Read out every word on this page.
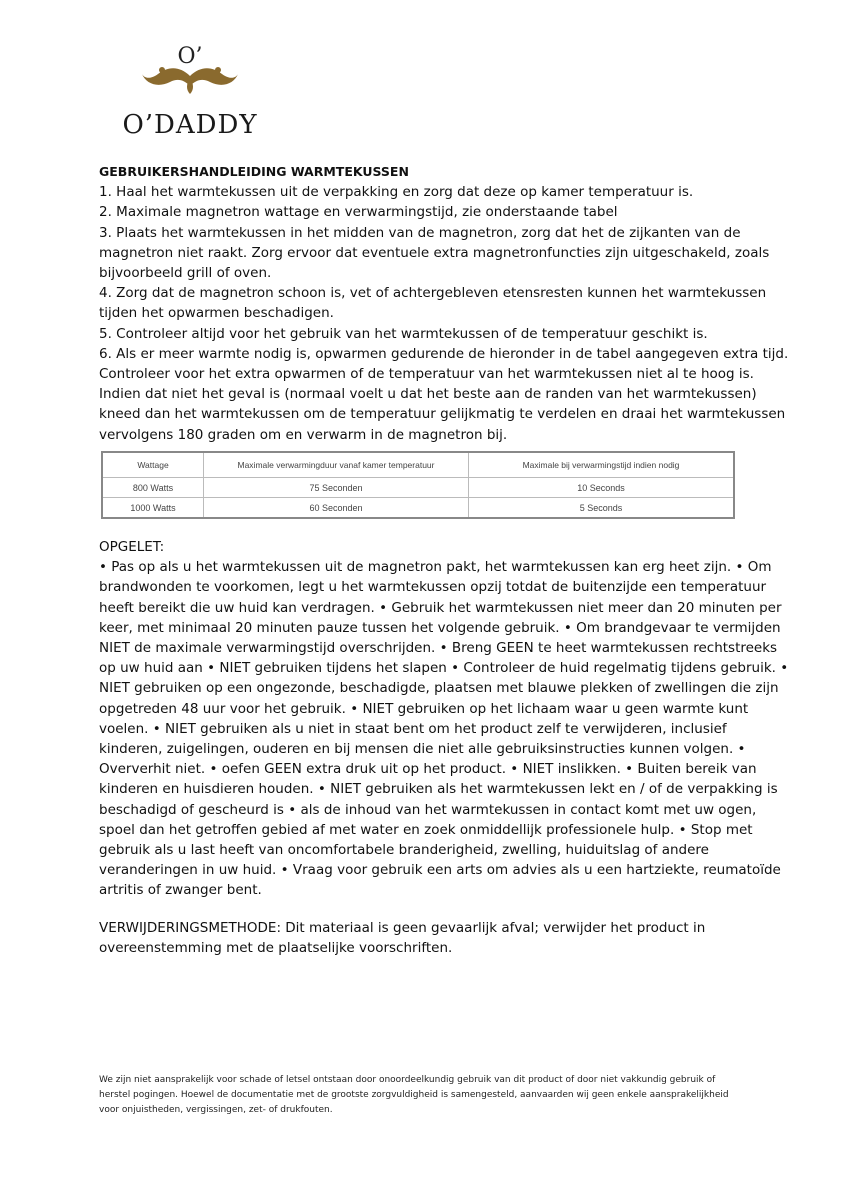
O’
O’DADDY
GEBRUIKERSHANDLEIDING WARMTEKUSSEN
1. Haal het warmtekussen uit de verpakking en zorg dat deze op kamer temperatuur is.
2. Maximale magnetron wattage en verwarmingstijd, zie onderstaande tabel
3. Plaats het warmtekussen in het midden van de magnetron, zorg dat het de zijkanten van de
magnetron niet raakt. Zorg ervoor dat eventuele extra magnetronfuncties zijn uitgeschakeld, zoals
bijvoorbeeld grill of oven.
4. Zorg dat de magnetron schoon is, vet of achtergebleven etensresten kunnen het warmtekussen
tijden het opwarmen beschadigen.
5. Controleer altijd voor het gebruik van het warmtekussen of de temperatuur geschikt is.
6. Als er meer warmte nodig is, opwarmen gedurende de hieronder in de tabel aangegeven extra tijd.
Controleer voor het extra opwarmen of de temperatuur van het warmtekussen niet al te hoog is.
Indien dat niet het geval is (normaal voelt u dat het beste aan de randen van het warmtekussen)
kneed dan het warmtekussen om de temperatuur gelijkmatig te verdelen en draai het warmtekussen
vervolgens 180 graden om en verwarm in de magnetron bij.
Wattage	Maximale verwarmingduur vanaf kamer temperatuur	Maximale bij verwarmingstijd indien nodig
800 Watts	75 Seconden	10 Seconds
1000 Watts	60 Seconden	5 Seconds
OPGELET:
• Pas op als u het warmtekussen uit de magnetron pakt, het warmtekussen kan erg heet zijn. • Om
brandwonden te voorkomen, legt u het warmtekussen opzij totdat de buitenzijde een temperatuur
heeft bereikt die uw huid kan verdragen. • Gebruik het warmtekussen niet meer dan 20 minuten per
keer, met minimaal 20 minuten pauze tussen het volgende gebruik. • Om brandgevaar te vermijden
NIET de maximale verwarmingstijd overschrijden. • Breng GEEN te heet warmtekussen rechtstreeks
op uw huid aan • NIET gebruiken tijdens het slapen • Controleer de huid regelmatig tijdens gebruik. •
NIET gebruiken op een ongezonde, beschadigde, plaatsen met blauwe plekken of zwellingen die zijn
opgetreden 48 uur voor het gebruik. • NIET gebruiken op het lichaam waar u geen warmte kunt
voelen. • NIET gebruiken als u niet in staat bent om het product zelf te verwijderen, inclusief
kinderen, zuigelingen, ouderen en bij mensen die niet alle gebruiksinstructies kunnen volgen. •
Oververhit niet. • oefen GEEN extra druk uit op het product. • NIET inslikken. • Buiten bereik van
kinderen en huisdieren houden. • NIET gebruiken als het warmtekussen lekt en / of de verpakking is
beschadigd of gescheurd is • als de inhoud van het warmtekussen in contact komt met uw ogen,
spoel dan het getroffen gebied af met water en zoek onmiddellijk professionele hulp. • Stop met
gebruik als u last heeft van oncomfortabele branderigheid, zwelling, huiduitslag of andere
veranderingen in uw huid. • Vraag voor gebruik een arts om advies als u een hartziekte, reumatoïde
artritis of zwanger bent.
VERWIJDERINGSMETHODE: Dit materiaal is geen gevaarlijk afval; verwijder het product in
overeenstemming met de plaatselijke voorschriften.
We zijn niet aansprakelijk voor schade of letsel ontstaan door onoordeelkundig gebruik van dit product of door niet vakkundig gebruik of
herstel pogingen. Hoewel de documentatie met de grootste zorgvuldigheid is samengesteld, aanvaarden wij geen enkele aansprakelijkheid
voor onjuistheden, vergissingen, zet- of drukfouten.
